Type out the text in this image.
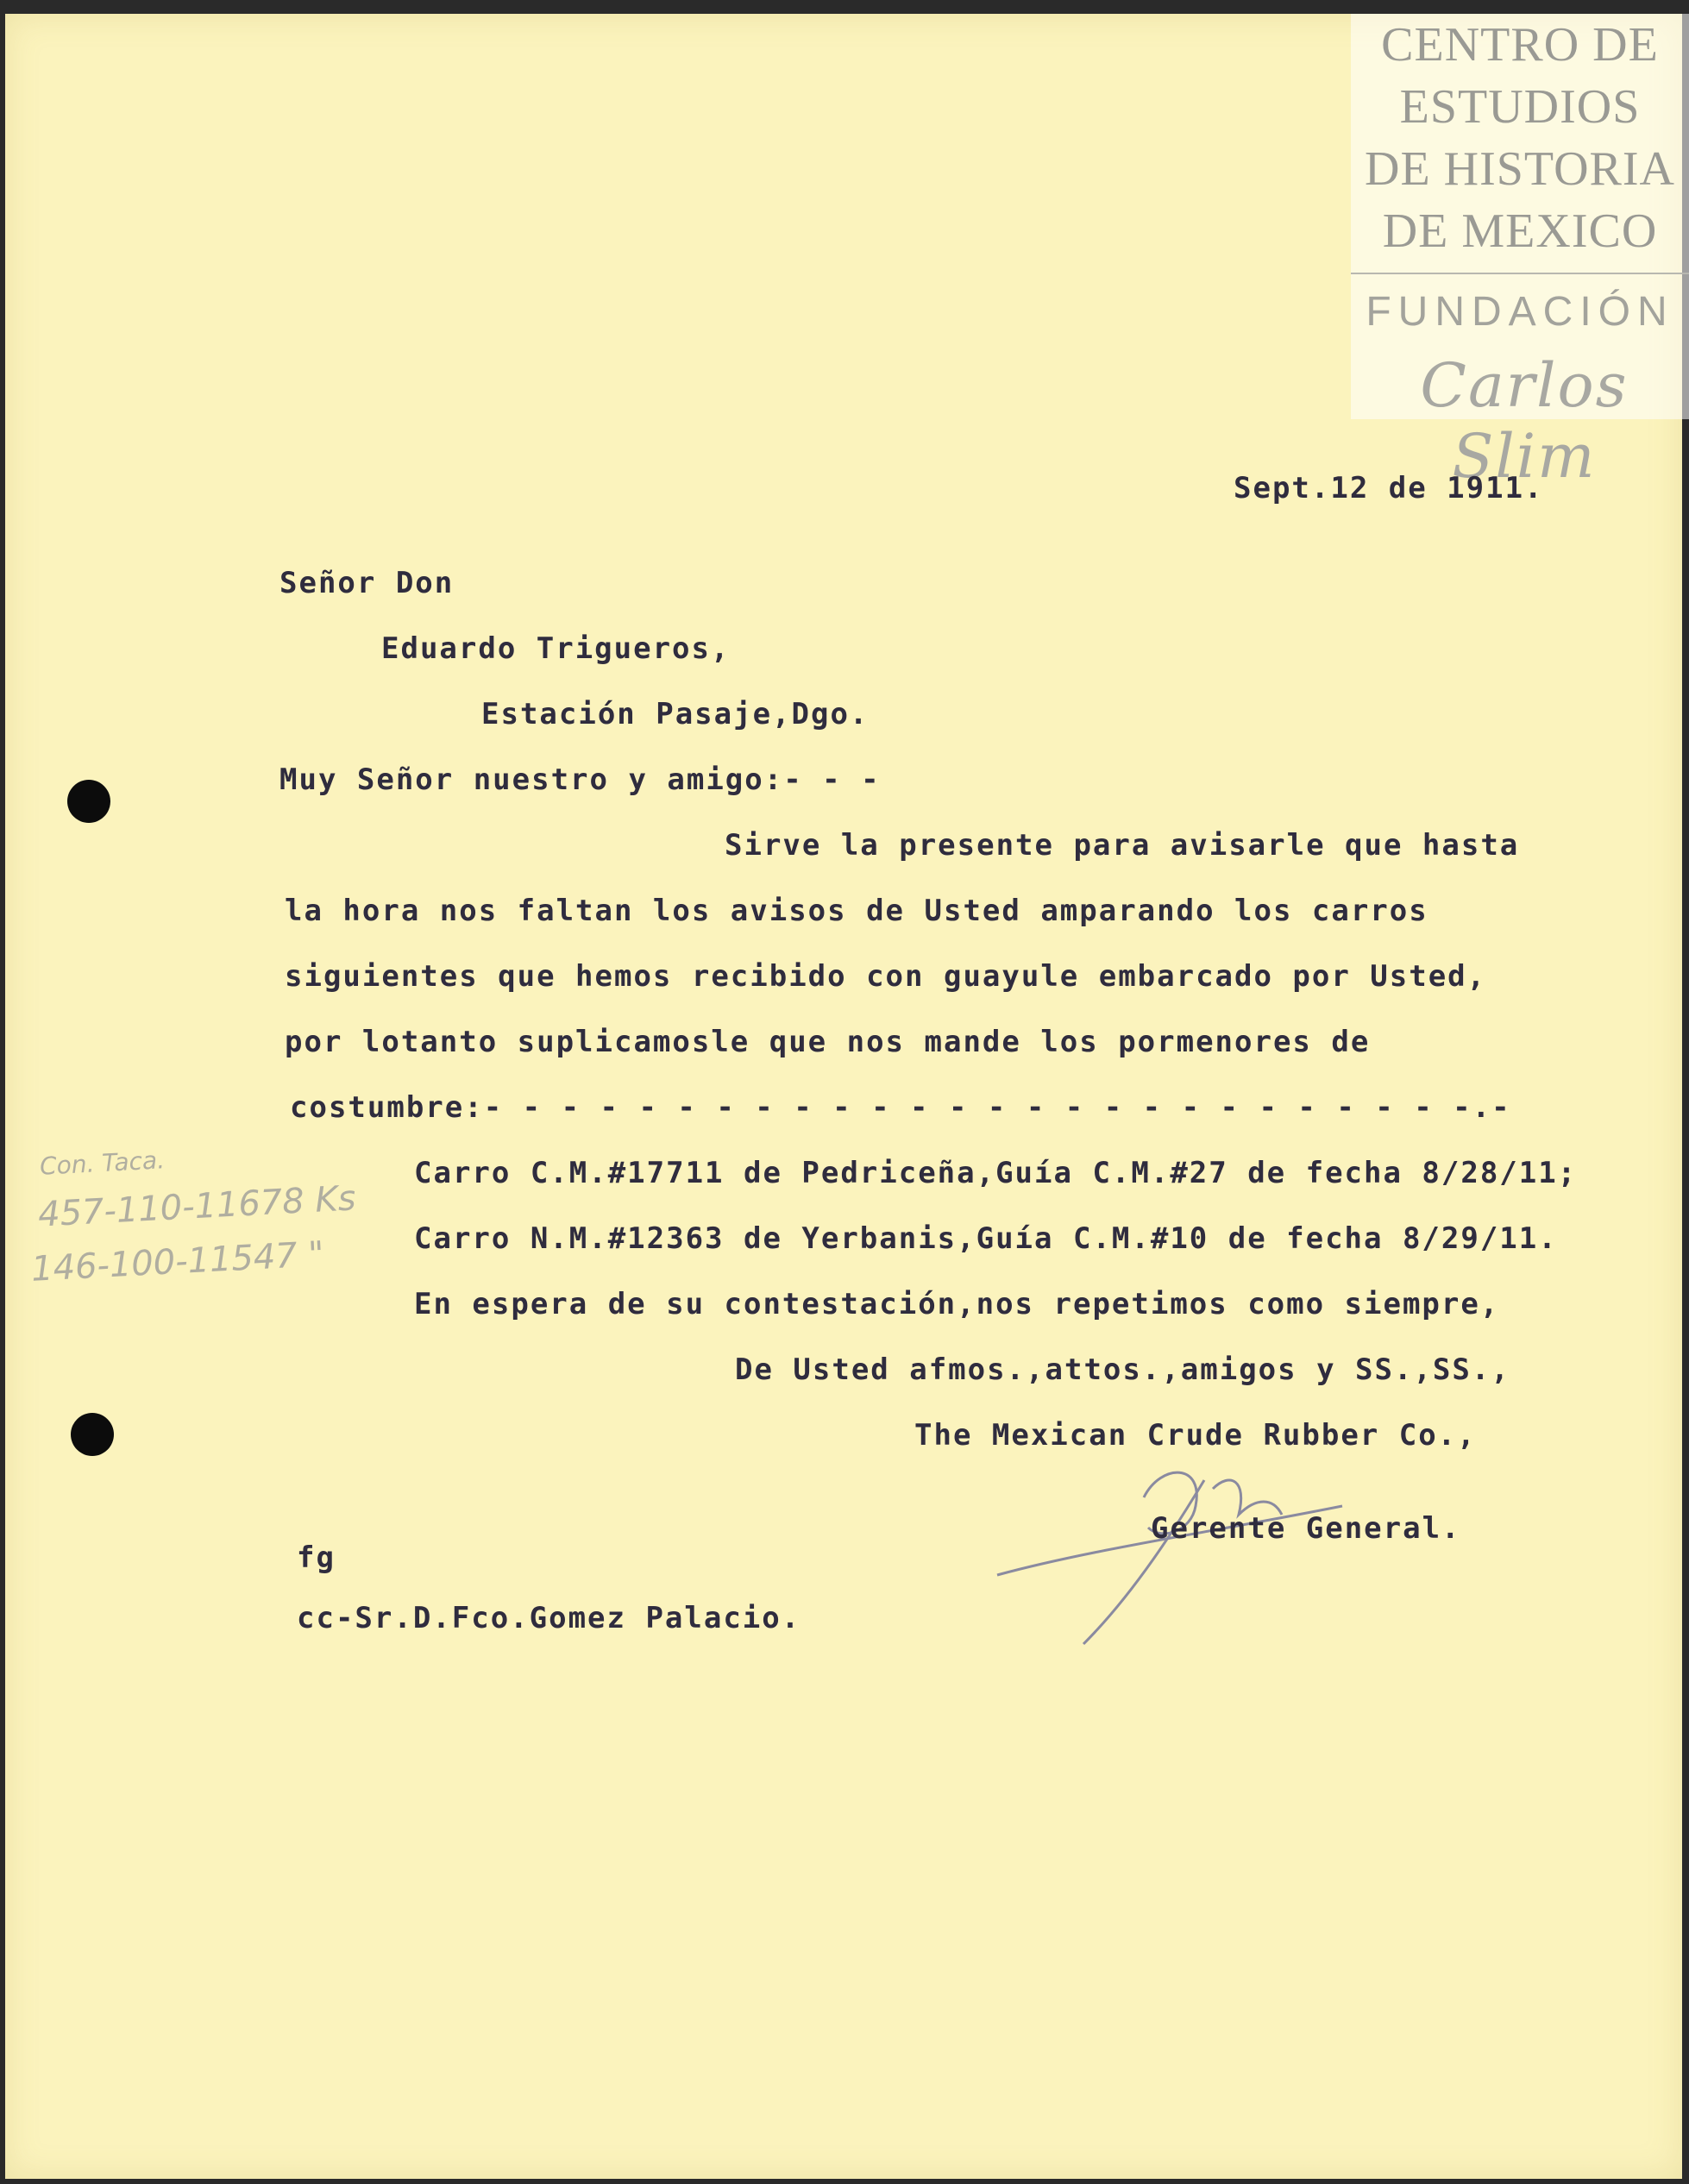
CENTRO DE
ESTUDIOS
DE HISTORIA
DE MEXICO
FUNDACIÓN
Carlos Slim
Sept.12 de 1911.
Señor Don
Eduardo Trigueros,
Estación Pasaje,Dgo.
Muy Señor nuestro y amigo:- - -
Sirve la presente para avisarle que hasta
la hora nos faltan los avisos de Usted amparando los carros
siguientes que hemos recibido con guayule embarcado por Usted,
por lotanto suplicamosle que nos mande los pormenores de
costumbre:- - - - - - - - - - - - - - - - - - - - - - - - - -.-
Carro C.M.#17711 de Pedriceña,Guía C.M.#27 de fecha 8/28/11;
Carro N.M.#12363 de Yerbanis,Guía C.M.#10 de fecha 8/29/11.
En espera de su contestación,nos repetimos como siempre,
De Usted afmos.,attos.,amigos y SS.,SS.,
The Mexican Crude Rubber Co.,
Gerente General.
fg
cc-Sr.D.Fco.Gomez Palacio.
Con. Taca.
457-110-11678 Ks
146-100-11547 "
